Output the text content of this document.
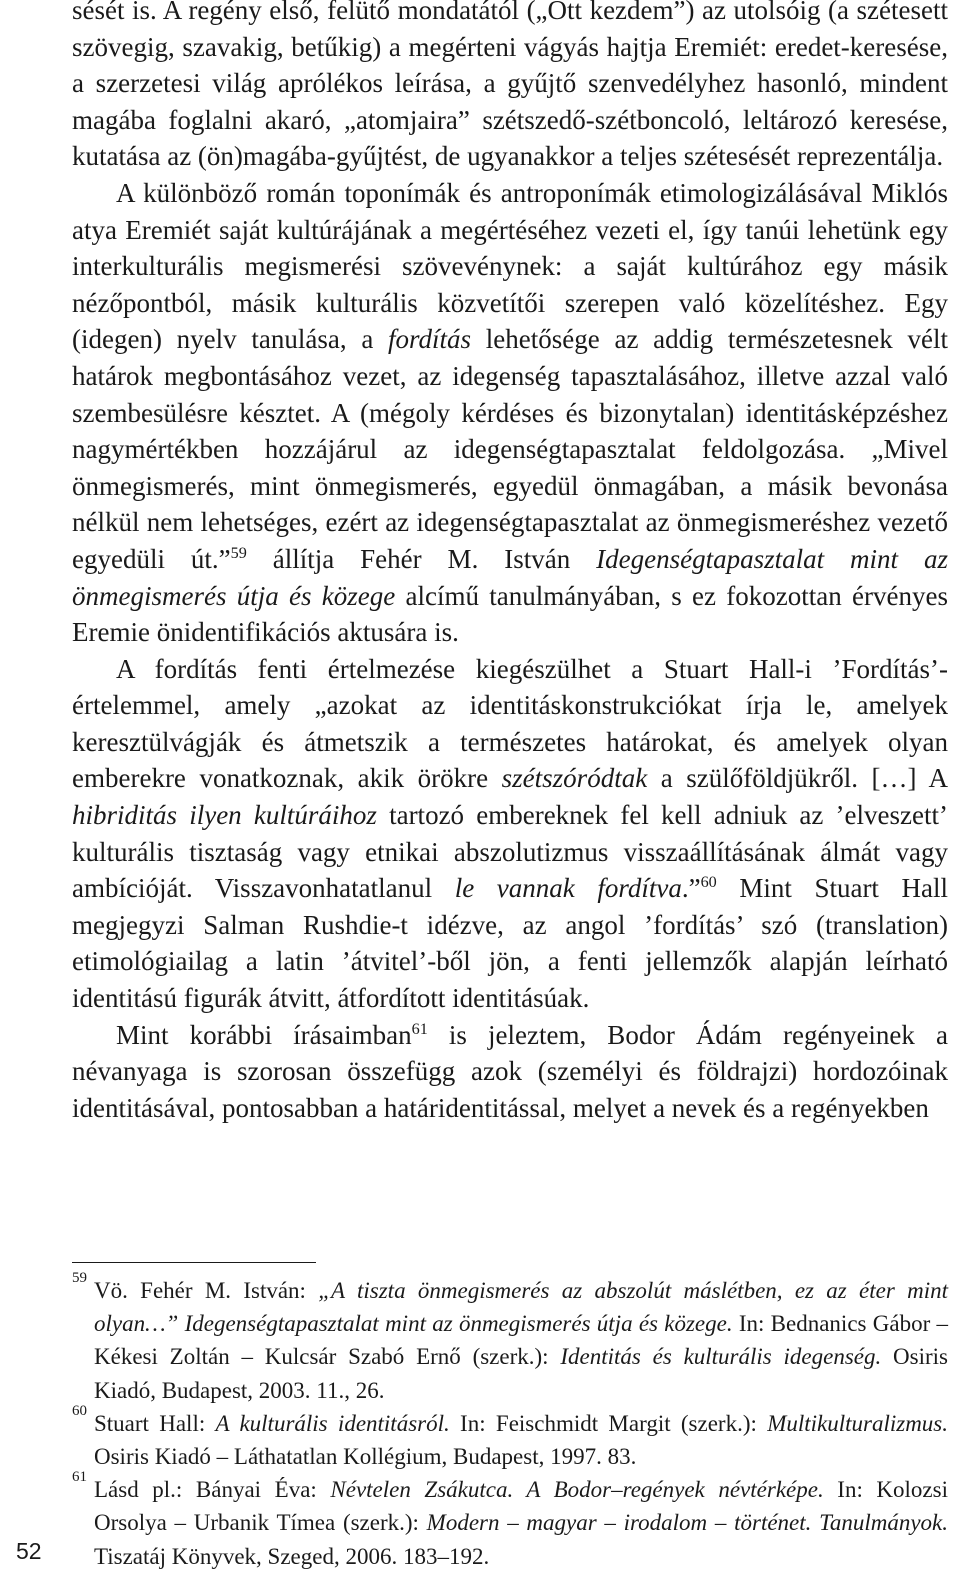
sését is. A regény első, felütő mondatától („Ott kezdem”) az utolsóig (a szétesett szövegig, szavakig, betűkig) a megérteni vágyás hajtja Eremiét: eredet-keresése, a szerzetesi világ aprólékos leírása, a gyűjtő szenvedélyhez hasonló, mindent magába foglalni akaró, „atomjaira” szétszedő-szétboncoló, leltározó keresése, kutatása az (ön)magába-gyűjtést, de ugyanakkor a teljes szétesését reprezentálja.

A különböző román toponímák és antroponímák etimologizálásával Miklós atya Eremiét saját kultúrájának a megértéséhez vezeti el, így tanúi lehetünk egy interkulturális megismerési szövevénynek: a saját kultúrához egy másik nézőpontból, másik kulturális közvetítői szerepen való közelítéshez. Egy (idegen) nyelv tanulása, a fordítás lehetősége az addig természetesnek vélt határok megbontásához vezet, az idegenség tapasztalásához, illetve azzal való szembesülésre késztet. A (mégoly kérdéses és bizonytalan) identitásképzéshez nagymértékben hozzájárul az idegenségtapasztalat feldolgozása. „Mivel önmegismerés, mint önmegismerés, egyedül önmagában, a másik bevonása nélkül nem lehetséges, ezért az idegenségtapasztalat az önmegismeréshez vezető egyedüli út.”$^{59}$ állítja Fehér M. István Idegenségtapasztalat mint az önmegismerés útja és közege alcímű tanulmányában, s ez fokozottan érvényes Eremie önidentifikációs aktusára is.

A fordítás fenti értelmezése kiegészülhet a Stuart Hall-i ’Fordítás’-értelemmel, amely „azokat az identitáskonstrukciókat írja le, amelyek keresztülvágják és átmetszik a természetes határokat, és amelyek olyan emberekre vonatkoznak, akik örökre szétszóródtak a szülőföldjükről. […] A hibriditás ilyen kultúráihoz tartozó embereknek fel kell adniuk az ’elveszett’ kulturális tisztaság vagy etnikai abszolutizmus visszaállításának álmát vagy ambícióját. Visszavonhatatlanul le vannak fordítva.”$^{60}$ Mint Stuart Hall megjegyzi Salman Rushdie-t idézve, az angol ’fordítás’ szó (translation) etimológiailag a latin ’átvitel’-ből jön, a fenti jellemzők alapján leírható identitású figurák átvitt, átfordított identitásúak.

Mint korábbi írásaimban$^{61}$ is jeleztem, Bodor Ádám regényeinek a névanyaga is szorosan összefügg azok (személyi és földrajzi) hordozóinak identitásával, pontosabban a határidentitással, melyet a nevek és a regényekben

59 Vö. Fehér M. István: „A tiszta önmegismerés az abszolút máslétben, ez az éter mint olyan…” Idegenségtapasztalat mint az önmegismerés útja és közege. In: Bednanics Gábor – Kékesi Zoltán – Kulcsár Szabó Ernő (szerk.): Identitás és kulturális idegenség. Osiris Kiadó, Budapest, 2003. 11., 26.

60 Stuart Hall: A kulturális identitásról. In: Feischmidt Margit (szerk.): Multikulturalizmus. Osiris Kiadó – Láthatatlan Kollégium, Budapest, 1997. 83.

61 Lásd pl.: Bányai Éva: Névtelen Zsákutca. A Bodor–regények névtérképe. In: Kolozsi Orsolya – Urbanik Tímea (szerk.): Modern – magyar – irodalom – történet. Tanulmányok. Tiszatáj Könyvek, Szeged, 2006. 183–192.

52
